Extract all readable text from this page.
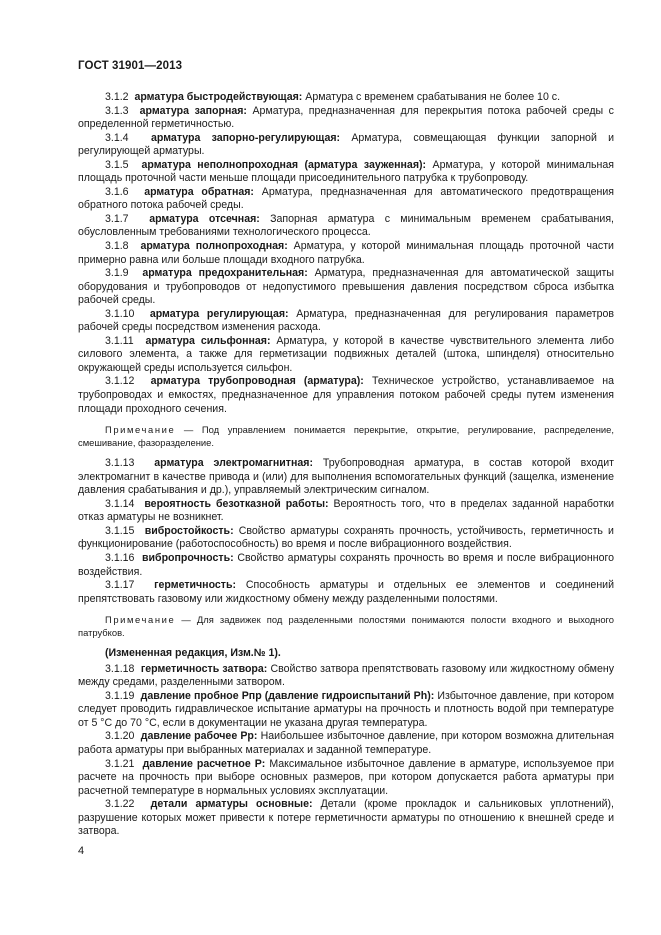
ГОСТ 31901—2013

3.1.2 арматура быстродействующая: Арматура с временем срабатывания не более 10 с.

3.1.3 арматура запорная: Арматура, предназначенная для перекрытия потока рабочей среды с определенной герметичностью.

3.1.4 арматура запорно-регулирующая: Арматура, совмещающая функции запорной и регулирующей арматуры.

3.1.5 арматура неполнопроходная (арматура зауженная): Арматура, у которой минимальная площадь проточной части меньше площади присоединительного патрубка к трубопроводу.

3.1.6 арматура обратная: Арматура, предназначенная для автоматического предотвращения обратного потока рабочей среды.

3.1.7 арматура отсечная: Запорная арматура с минимальным временем срабатывания, обусловленным требованиями технологического процесса.

3.1.8 арматура полнопроходная: Арматура, у которой минимальная площадь проточной части примерно равна или больше площади входного патрубка.

3.1.9 арматура предохранительная: Арматура, предназначенная для автоматической защиты оборудования и трубопроводов от недопустимого превышения давления посредством сброса избытка рабочей среды.

3.1.10 арматура регулирующая: Арматура, предназначенная для регулирования параметров рабочей среды посредством изменения расхода.

3.1.11 арматура сильфонная: Арматура, у которой в качестве чувствительного элемента либо силового элемента, а также для герметизации подвижных деталей (штока, шпинделя) относительно окружающей среды используется сильфон.

3.1.12 арматура трубопроводная (арматура): Техническое устройство, устанавливаемое на трубопроводах и емкостях, предназначенное для управления потоком рабочей среды путем изменения площади проходного сечения.

Примечание — Под управлением понимается перекрытие, открытие, регулирование, распределение, смешивание, фазоразделение.

3.1.13 арматура электромагнитная: Трубопроводная арматура, в состав которой входит электромагнит в качестве привода и (или) для выполнения вспомогательных функций (защелка, изменение давления срабатывания и др.), управляемый электрическим сигналом.

3.1.14 вероятность безотказной работы: Вероятность того, что в пределах заданной наработки отказ арматуры не возникнет.

3.1.15 вибростойкость: Свойство арматуры сохранять прочность, устойчивость, герметичность и функционирование (работоспособность) во время и после вибрационного воздействия.

3.1.16 вибропрочность: Свойство арматуры сохранять прочность во время и после вибрационного воздействия.

3.1.17 герметичность: Способность арматуры и отдельных ее элементов и соединений препятствовать газовому или жидкостному обмену между разделенными полостями.

Примечание — Для задвижек под разделенными полостями понимаются полости входного и выходного патрубков.

(Измененная редакция, Изм.№ 1).

3.1.18 герметичность затвора: Свойство затвора препятствовать газовому или жидкостному обмену между средами, разделенными затвором.

3.1.19 давление пробное Pпр (давление гидроиспытаний Ph): Избыточное давление, при котором следует проводить гидравлическое испытание арматуры на прочность и плотность водой при температуре от 5 °С до 70 °С, если в документации не указана другая температура.

3.1.20 давление рабочее Pp: Наибольшее избыточное давление, при котором возможна длительная работа арматуры при выбранных материалах и заданной температуре.

3.1.21 давление расчетное Р: Максимальное избыточное давление в арматуре, используемое при расчете на прочность при выборе основных размеров, при котором допускается работа арматуры при расчетной температуре в нормальных условиях эксплуатации.

3.1.22 детали арматуры основные: Детали (кроме прокладок и сальниковых уплотнений), разрушение которых может привести к потере герметичности арматуры по отношению к внешней среде и затвора.

4
